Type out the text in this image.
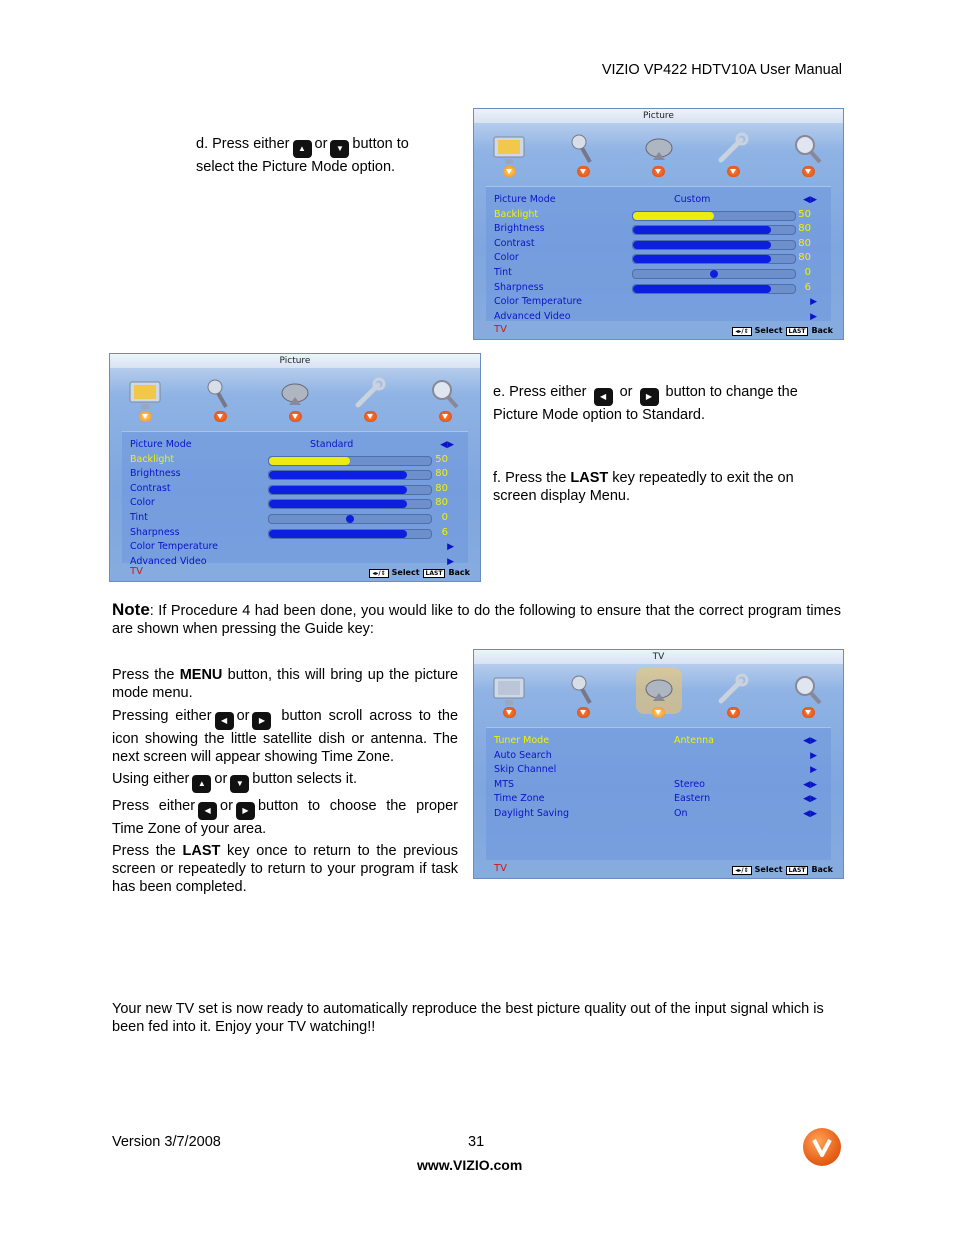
VIZIO VP422 HDTV10A User Manual
d. Press either ▲ or ▼ button to
select the Picture Mode option.
Picture
Picture Mode	Custom	◀▶
Backlight	50
Brightness	80
Contrast	80
Color	80
Tint	0
Sharpness	6
Color Temperature	▶
Advanced Video	▶
TV	◂▸/⇕ Select LAST Back
Picture
Picture Mode	Standard	◀▶
Backlight	50
Brightness	80
Contrast	80
Color	80
Tint	0
Sharpness	6
Color Temperature	▶
Advanced Video	▶
TV	◂▸/⇕ Select LAST Back
e. Press either ◀ or ▶ button to change the
Picture Mode option to Standard.
f. Press the LAST key repeatedly to exit the on
screen display Menu.
Note: If Procedure 4 had been done, you would like to do the following to ensure that the correct program times are shown when pressing the Guide key:
Press the MENU button, this will bring up the picture mode menu.
Pressing either ◀ or ▶ button scroll across to the icon showing the little satellite dish or antenna. The next screen will appear showing Time Zone.
Using either ▲ or ▼ button selects it.
Press either ◀ or ▶ button to choose the proper Time Zone of your area.
Press the LAST key once to return to the previous screen or repeatedly to return to your program if task has been completed.
TV
Tuner Mode	Antenna	◀▶
Auto Search	▶
Skip Channel	▶
MTS	Stereo	◀▶
Time Zone	Eastern	◀▶
Daylight Saving	On	◀▶
TV	◂▸/⇕ Select LAST Back
Your new TV set is now ready to automatically reproduce the best picture quality out of the input signal which is been fed into it. Enjoy your TV watching!!
Version 3/7/2008	31
www.VIZIO.com
